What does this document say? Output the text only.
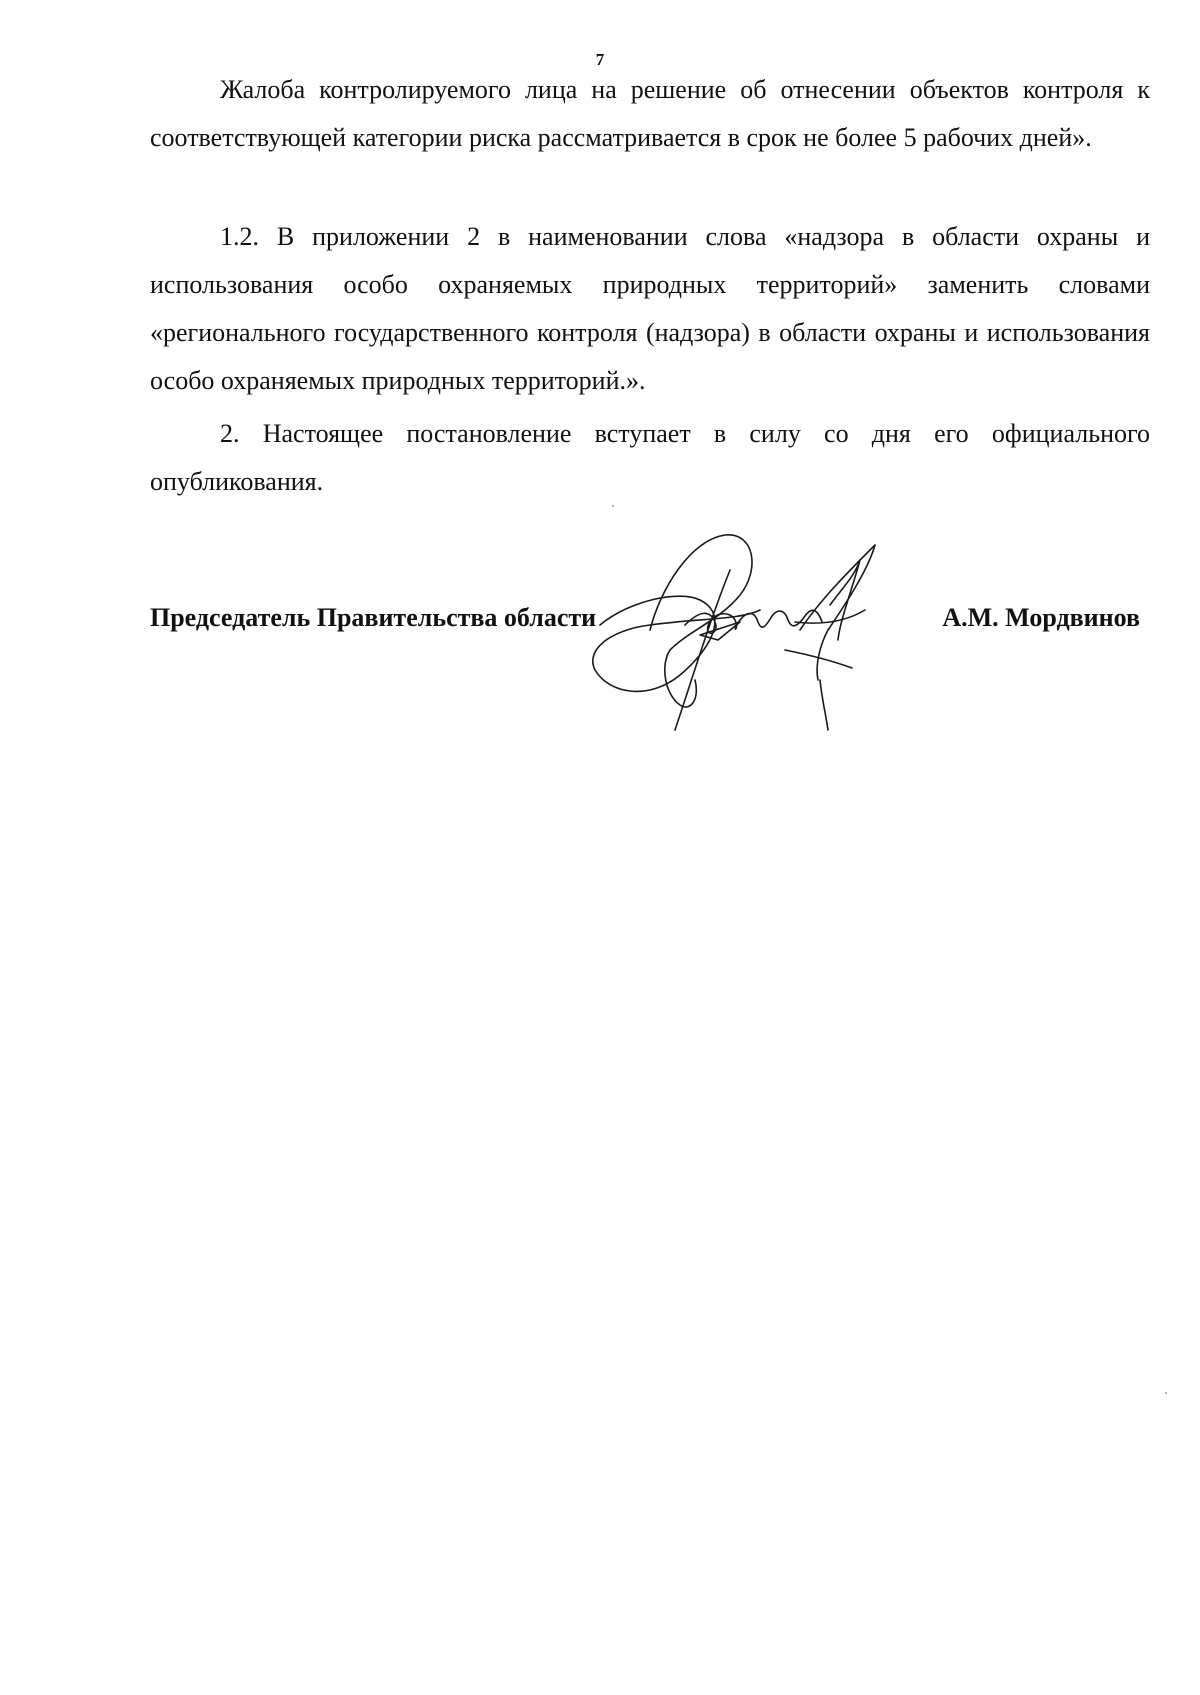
7

Жалоба контролируемого лица на решение об отнесении объектов контроля к соответствующей категории риска рассматривается в срок не более 5 рабочих дней».

1.2. В приложении 2 в наименовании слова «надзора в области охраны и использования особо охраняемых природных территорий» заменить словами «регионального государственного контроля (надзора) в области охраны и использования особо охраняемых природных территорий.».

2. Настоящее постановление вступает в силу со дня его официального опубликования.

Председатель Правительства области	А.М. Мордвинов
